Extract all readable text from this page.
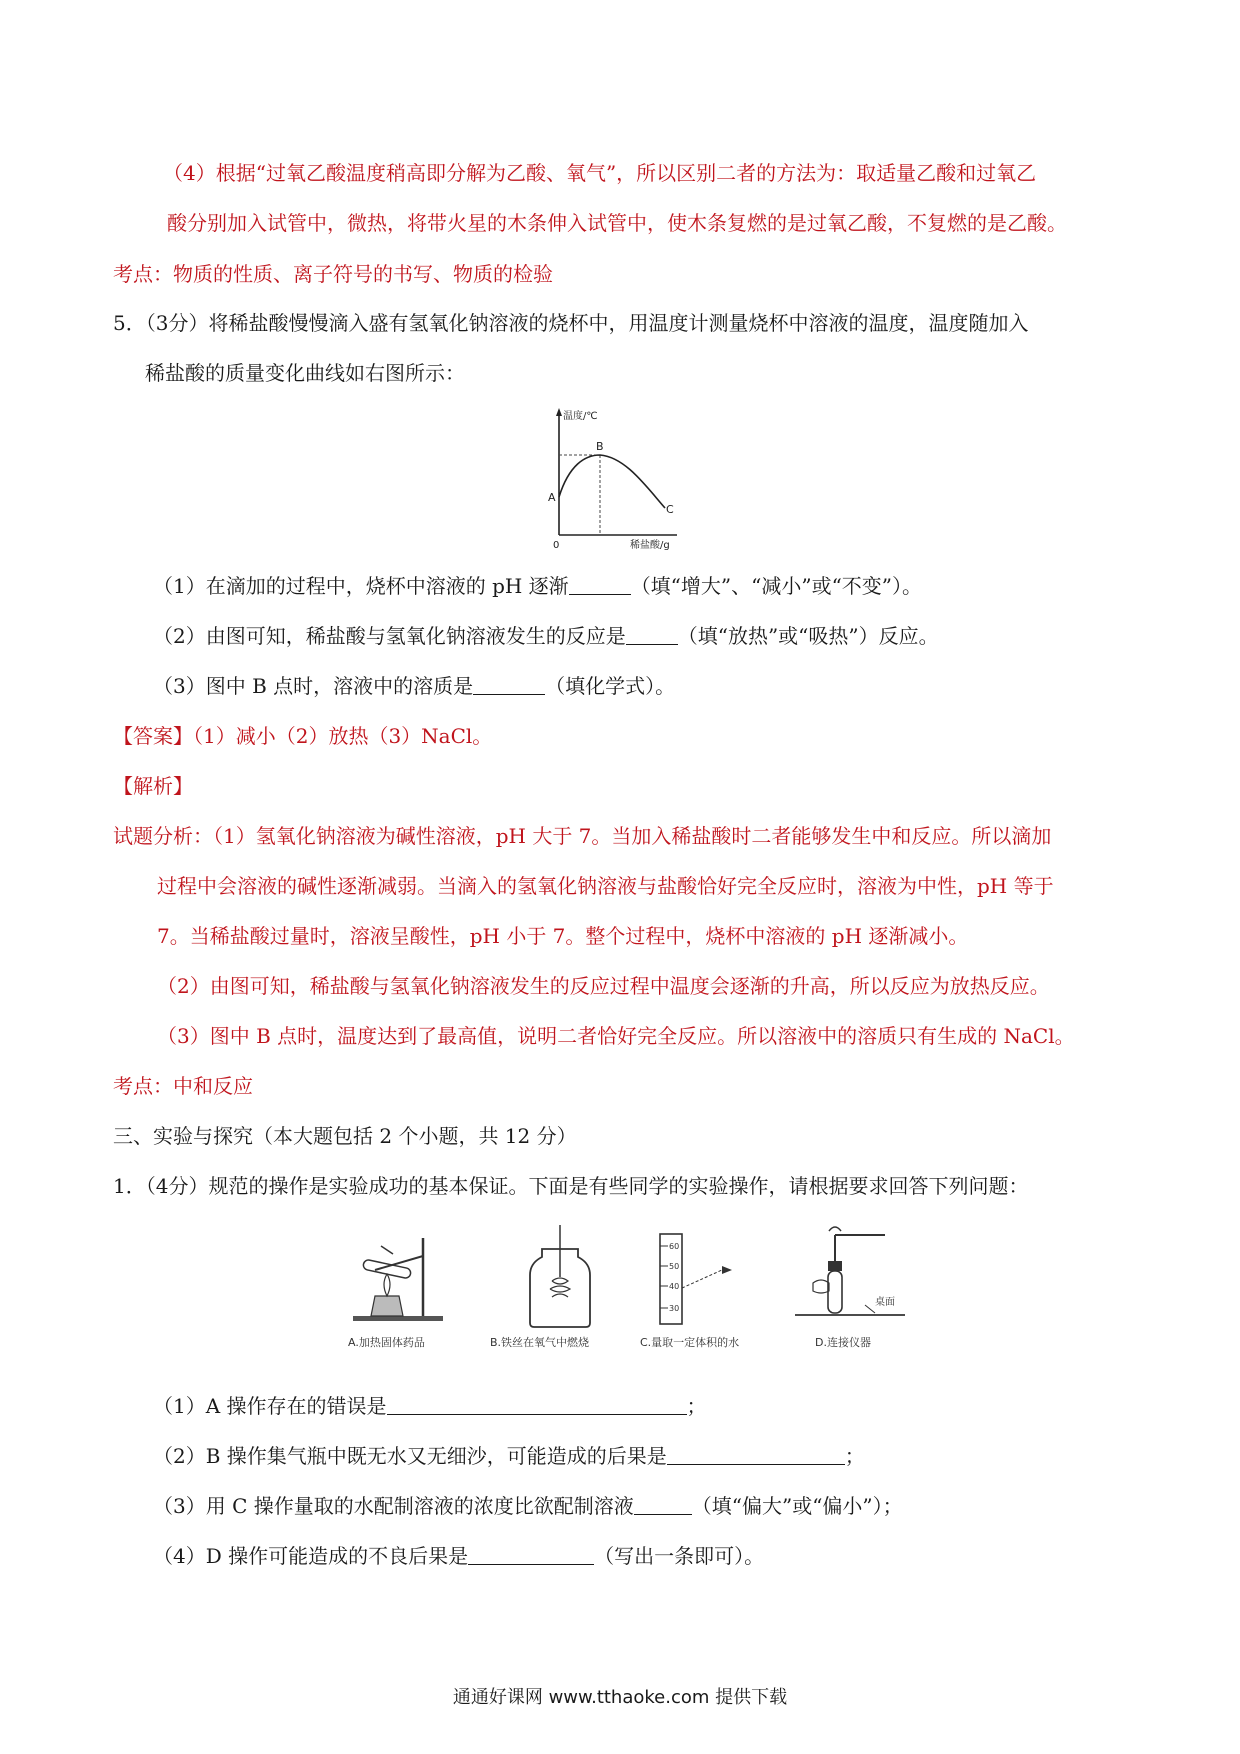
（4）根据“过氧乙酸温度稍高即分解为乙酸、氧气”，所以区别二者的方法为：取适量乙酸和过氧乙
酸分别加入试管中，微热，将带火星的木条伸入试管中，使木条复燃的是过氧乙酸，不复燃的是乙酸。
考点：物质的性质、离子符号的书写、物质的检验
5．（3分）将稀盐酸慢慢滴入盛有氢氧化钠溶液的烧杯中，用温度计测量烧杯中溶液的温度，温度随加入
稀盐酸的质量变化曲线如右图所示：
温度/℃
B
A
C
0	稀盐酸/g
（1）在滴加的过程中，烧杯中溶液的 pH 逐渐	（填“增大”、“减小”或“不变”）。
（2）由图可知，稀盐酸与氢氧化钠溶液发生的反应是	（填“放热”或“吸热”）反应。
（3）图中 B 点时，溶液中的溶质是	（填化学式）。
【答案】（1）减小（2）放热（3）NaCl。
【解析】
试题分析：（1）氢氧化钠溶液为碱性溶液，pH 大于 7。当加入稀盐酸时二者能够发生中和反应。所以滴加
过程中会溶液的碱性逐渐减弱。当滴入的氢氧化钠溶液与盐酸恰好完全反应时，溶液为中性，pH 等于
7。当稀盐酸过量时，溶液呈酸性，pH 小于 7。整个过程中，烧杯中溶液的 pH 逐渐减小。
（2）由图可知，稀盐酸与氢氧化钠溶液发生的反应过程中温度会逐渐的升高，所以反应为放热反应。
（3）图中 B 点时，温度达到了最高值，说明二者恰好完全反应。所以溶液中的溶质只有生成的 NaCl。
考点：中和反应
三、实验与探究（本大题包括 2 个小题，共 12 分）
1．（4分）规范的操作是实验成功的基本保证。下面是有些同学的实验操作，请根据要求回答下列问题：
A.加热固体药品	B.铁丝在氧气中燃烧
60
50
40
30
C.量取一定体积的水
桌面
D.连接仪器
（1）A 操作存在的错误是	；
（2）B 操作集气瓶中既无水又无细沙，可能造成的后果是	；
（3）用 C 操作量取的水配制溶液的浓度比欲配制溶液	（填“偏大”或“偏小”）；
（4）D 操作可能造成的不良后果是	（写出一条即可）。
通通好课网 www.tthaoke.com 提供下载
